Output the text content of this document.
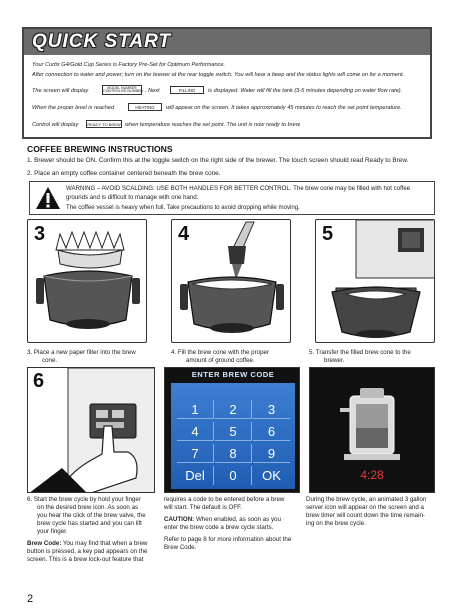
QUICK START
Your Curtis G4/Gold Cup Series is Factory Pre-Set for Optimum Performance.
After connection to water and power; turn on the brewer at the rear toggle switch. You will hear a beep and the status lights will come on for a moment.
The screen will display
MODEL NUMBER
CONTROL BD NUMBER . Next	FILLING	is displayed. Water will fill the tank (3-5 minutes depending on water flow rate).
When the proper level is reached	HEATING	will appear on the screen. It takes approximately 45 minutes to reach the set point temperature.
Control will display	READY TO BREW when temperature reaches the set point. The unit is now ready to brew.
COFFEE BREWING INSTRUCTIONS
1. Brewer should be ON. Confirm this at the toggle switch on the right side of the brewer. The touch screen should read Ready to Brew.
2. Place an empty coffee container centered beneath the brew cone.
WARNING – AVOID SCALDING: USE BOTH HANDLES FOR BETTER CONTROL. The brew cone may be filled with hot coffee
grounds and is difficult to manage with one hand.
The coffee vessel is heavy when full. Take precautions to avoid dropping while moving.
3	4	5
3. Place a new paper filter into the brew
cone.
4. Fill the brew cone with the proper
amount of ground coffee.
5. Transfer the filled brew cone to the
brewer.
6	ENTER BREW CODE
1	2	3
4	5	6
7	8	9
Del	0	OK	4:28
6. Start the brew cycle by hold your finger
on the desired brew icon. As soon as
you hear the click of the brew valve, the
brew cycle has started and you can lift
your finger.
Brew Code: You may find that when a brew
button is pressed, a key pad appears on the
screen. This is a brew lock-out feature that
requires a code to be entered before a brew
will start. The default is OFF.
CAUTION: When enabled, as soon as you
enter the brew code a brew cycle starts.
Refer to page 8 for more information about the
Brew Code.
During the brew cycle, an animated 3 gallon
server icon will appear on the screen and a
brew timer will count down the time remain-
ing on the brew cycle.
2
